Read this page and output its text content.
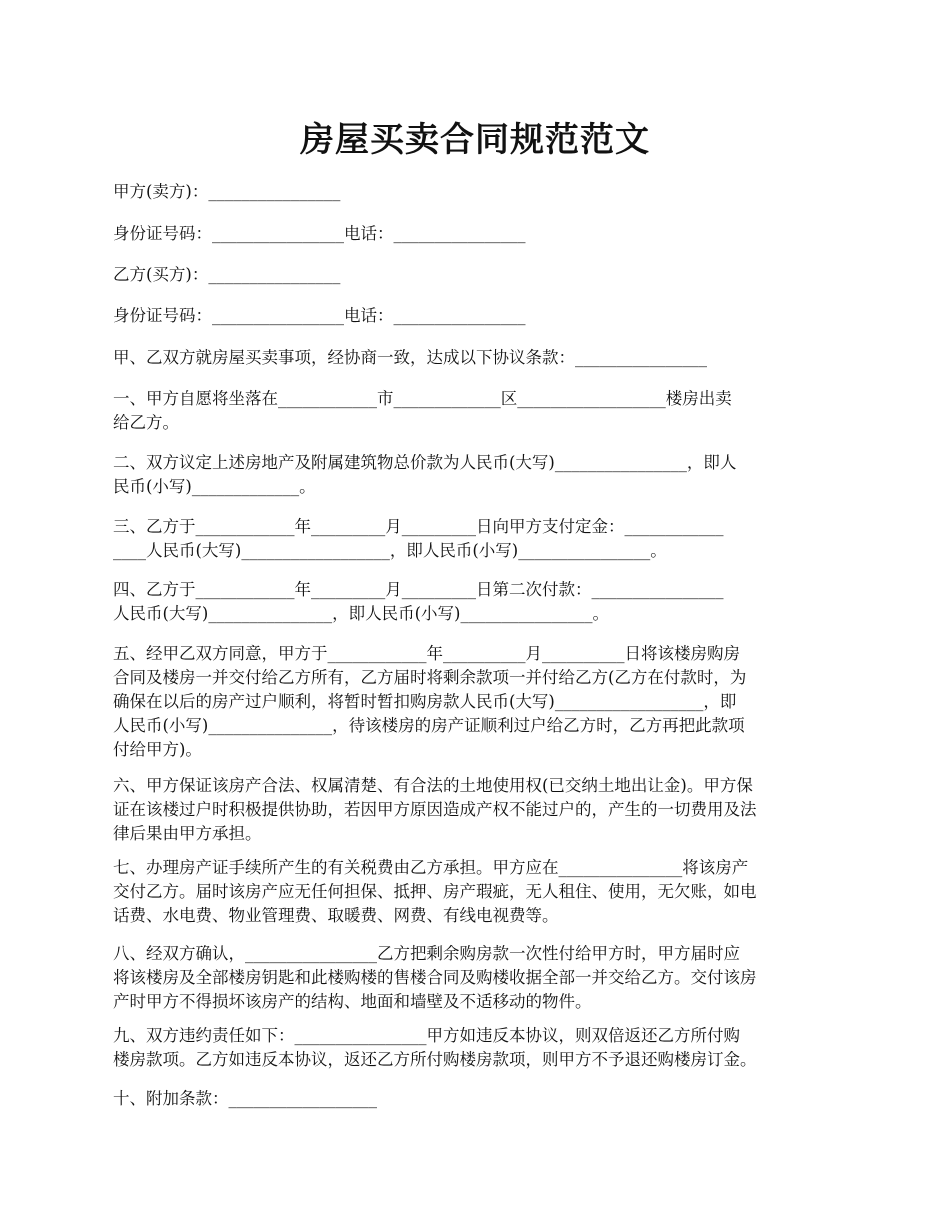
房屋买卖合同规范范文
甲方(卖方)：________________
身份证号码：________________电话：________________
乙方(买方)：________________
身份证号码：________________电话：________________
甲、乙双方就房屋买卖事项，经协商一致，达成以下协议条款：________________
一、甲方自愿将坐落在____________市_____________区__________________楼房出卖
给乙方。
二、双方议定上述房地产及附属建筑物总价款为人民币(大写)________________，即人
民币(小写)_____________。
三、乙方于____________年_________月_________日向甲方支付定金：____________
____人民币(大写)__________________，即人民币(小写)________________。
四、乙方于____________年_________月_________日第二次付款：________________
人民币(大写)_______________，即人民币(小写)________________。
五、经甲乙双方同意，甲方于____________年__________月__________日将该楼房购房
合同及楼房一并交付给乙方所有，乙方届时将剩余款项一并付给乙方(乙方在付款时，为
确保在以后的房产过户顺利，将暂时暂扣购房款人民币(大写)__________________，即
人民币(小写)_______________，待该楼房的房产证顺利过户给乙方时，乙方再把此款项
付给甲方)。
六、甲方保证该房产合法、权属清楚、有合法的土地使用权(已交纳土地出让金)。甲方保
证在该楼过户时积极提供协助，若因甲方原因造成产权不能过户的，产生的一切费用及法
律后果由甲方承担。
七、办理房产证手续所产生的有关税费由乙方承担。甲方应在_______________将该房产
交付乙方。届时该房产应无任何担保、抵押、房产瑕疵，无人租住、使用，无欠账，如电
话费、水电费、物业管理费、取暖费、网费、有线电视费等。
八、经双方确认，________________乙方把剩余购房款一次性付给甲方时，甲方届时应
将该楼房及全部楼房钥匙和此楼购楼的售楼合同及购楼收据全部一并交给乙方。交付该房
产时甲方不得损坏该房产的结构、地面和墙壁及不适移动的物件。
九、双方违约责任如下：________________甲方如违反本协议，则双倍返还乙方所付购
楼房款项。乙方如违反本协议，返还乙方所付购楼房款项，则甲方不予退还购楼房订金。
十、附加条款：__________________
